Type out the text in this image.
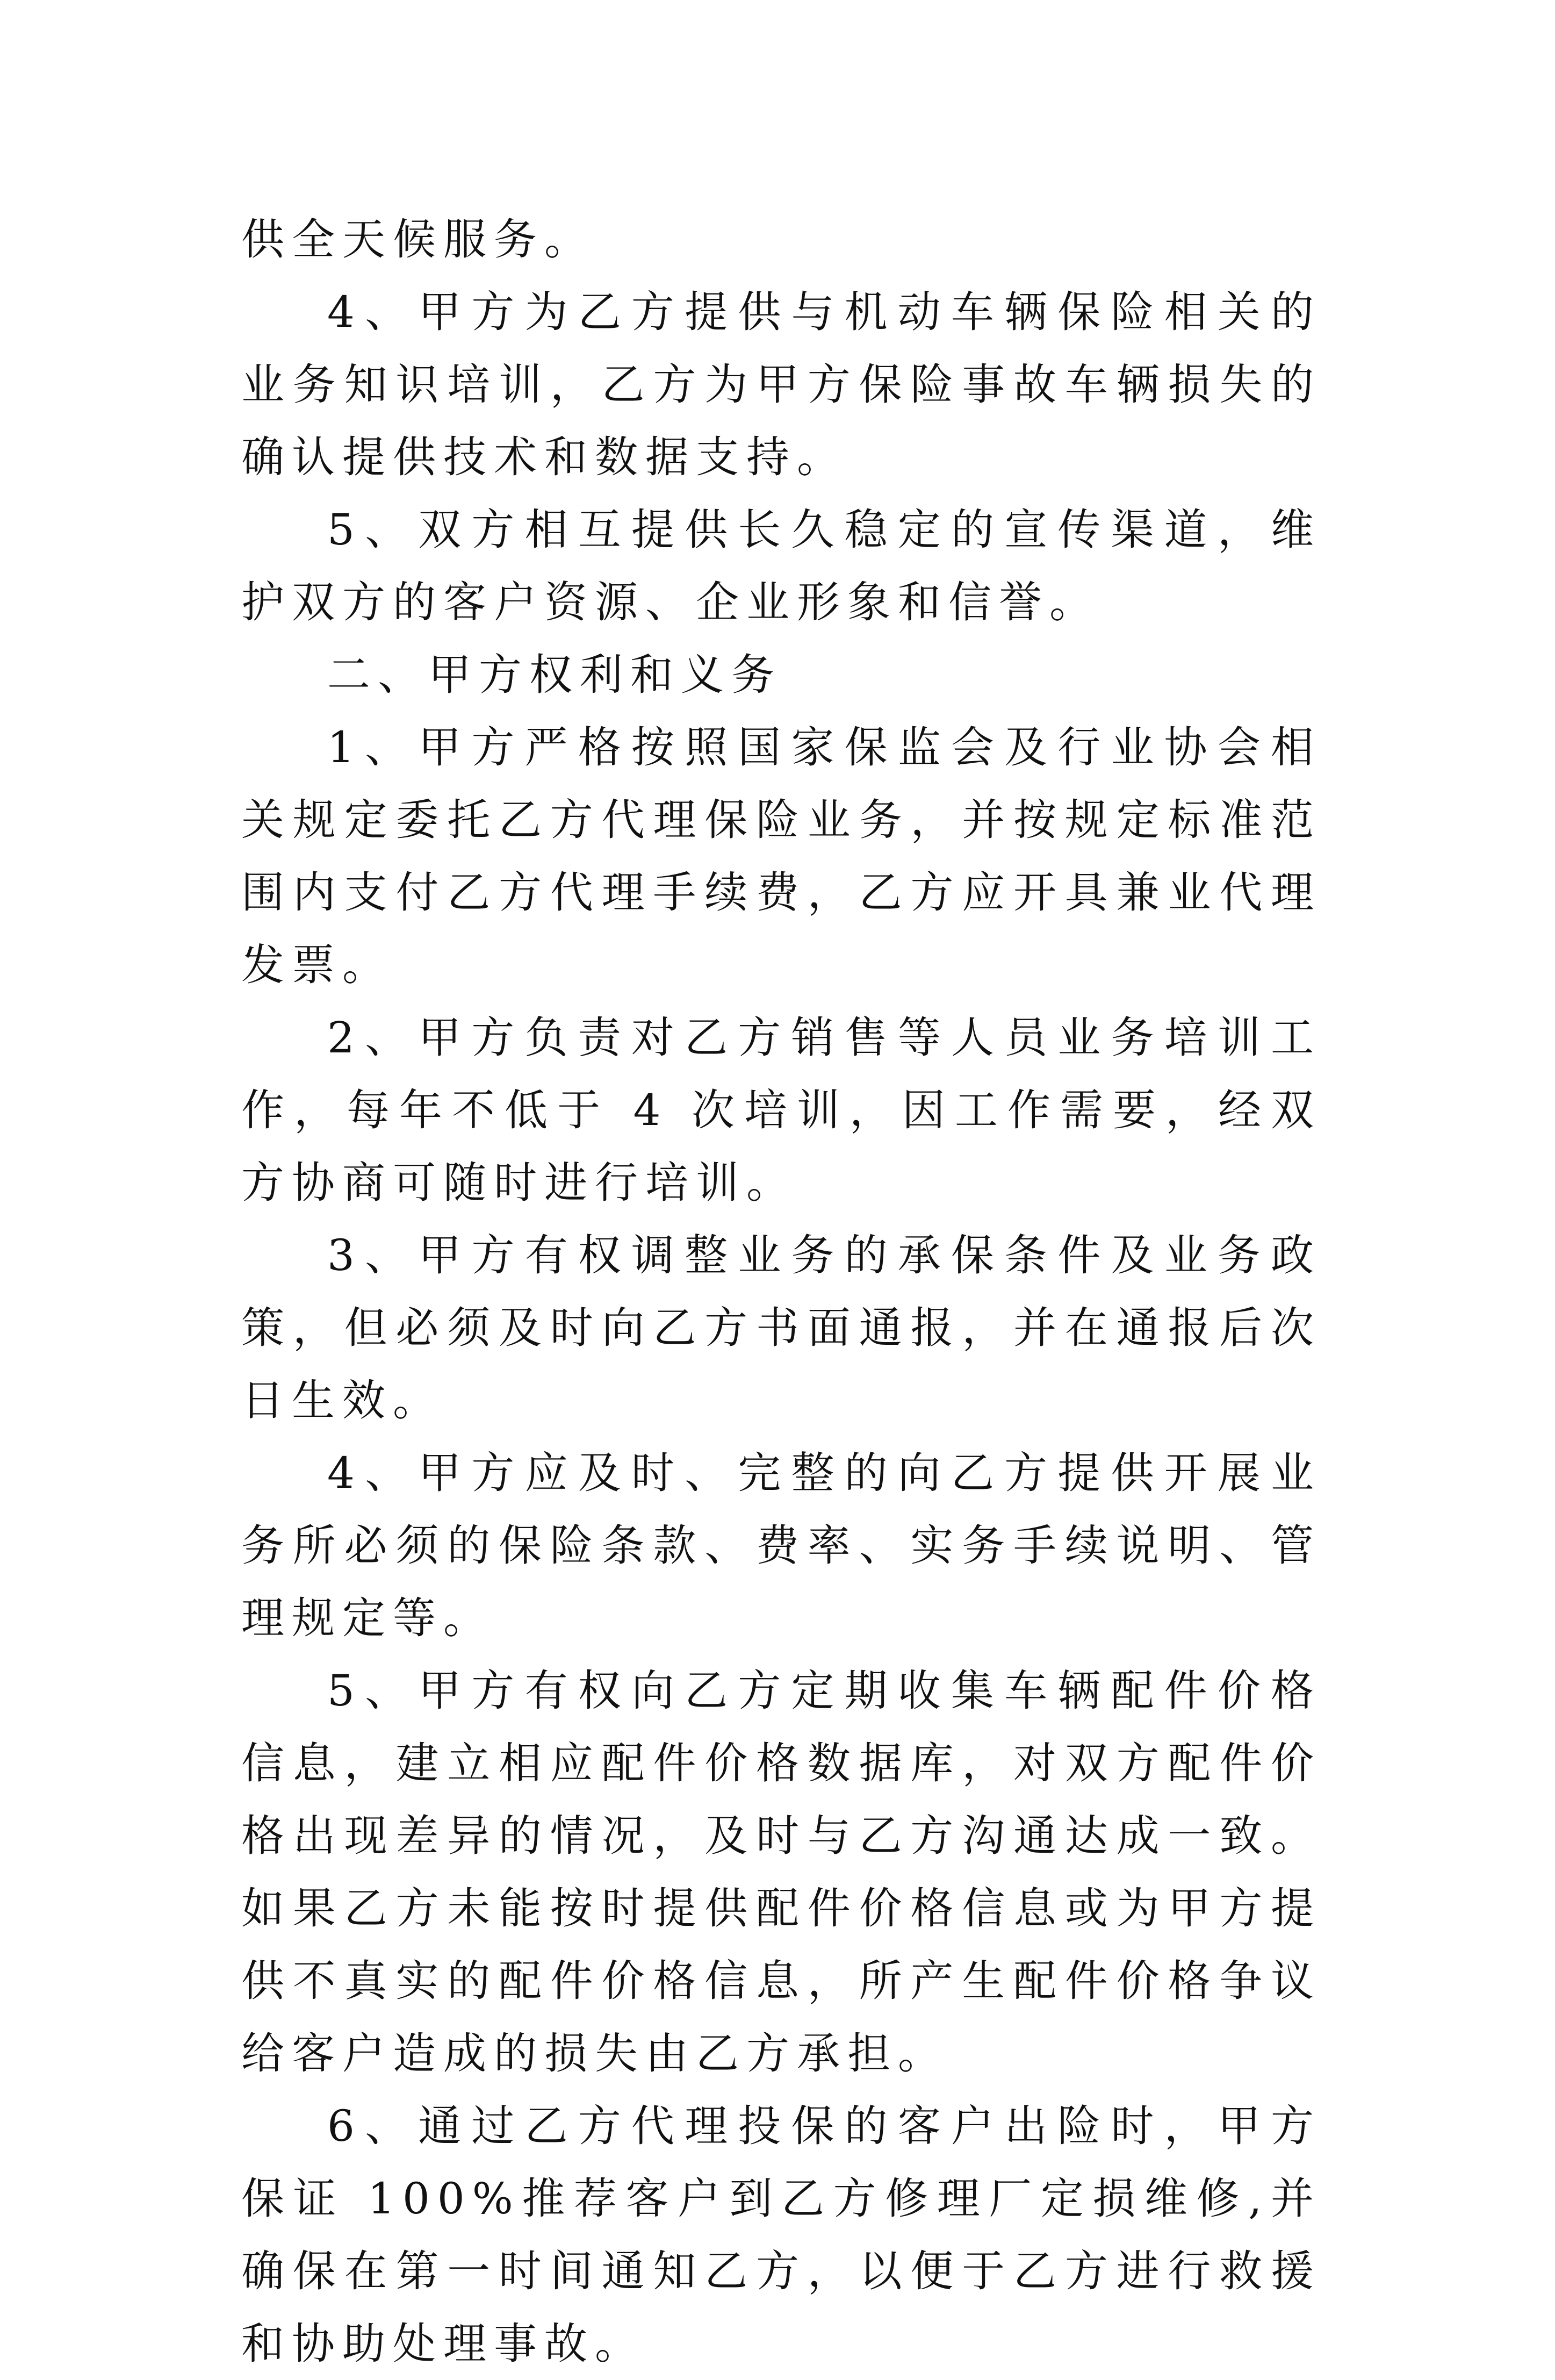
供全天候服务。

4、甲方为乙方提供与机动车辆保险相关的业务知识培训，乙方为甲方保险事故车辆损失的确认提供技术和数据支持。

5、双方相互提供长久稳定的宣传渠道，维护双方的客户资源、企业形象和信誉。

二、甲方权利和义务

1、甲方严格按照国家保监会及行业协会相关规定委托乙方代理保险业务，并按规定标准范围内支付乙方代理手续费，乙方应开具兼业代理发票。

2、甲方负责对乙方销售等人员业务培训工作，每年不低于 4 次培训，因工作需要，经双方协商可随时进行培训。

3、甲方有权调整业务的承保条件及业务政策，但必须及时向乙方书面通报，并在通报后次日生效。

4、甲方应及时、完整的向乙方提供开展业务所必须的保险条款、费率、实务手续说明、管理规定等。

5、甲方有权向乙方定期收集车辆配件价格信息，建立相应配件价格数据库，对双方配件价格出现差异的情况，及时与乙方沟通达成一致。如果乙方未能按时提供配件价格信息或为甲方提供不真实的配件价格信息，所产生配件价格争议给客户造成的损失由乙方承担。

6、通过乙方代理投保的客户出险时，甲方保证 100%推荐客户到乙方修理厂定损维修,并确保在第一时间通知乙方，以便于乙方进行救援和协助处理事故。
